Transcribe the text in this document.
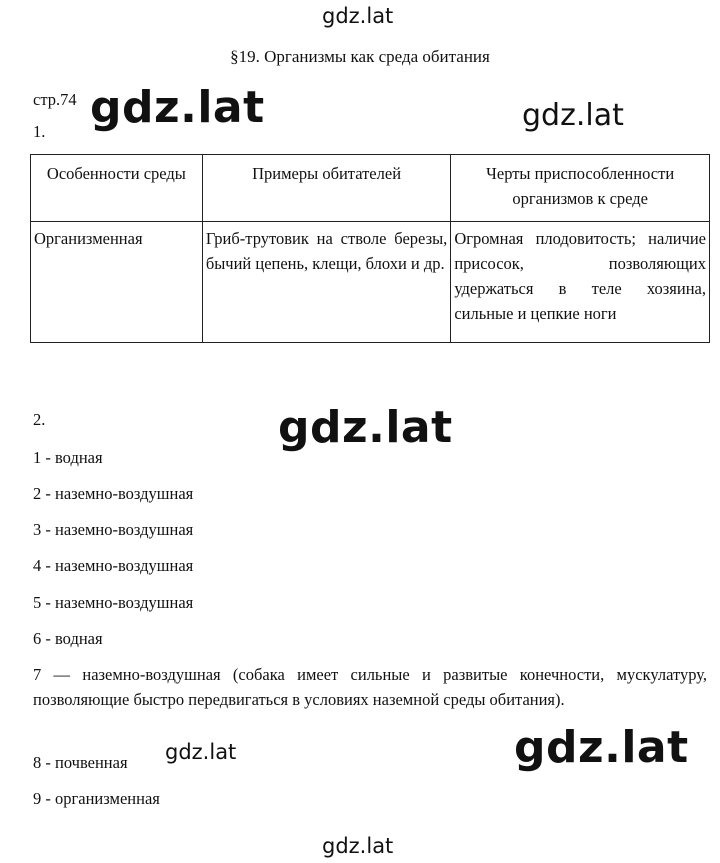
gdz.lat
§19. Организмы как среда обитания
стр.74 gdz.lat	gdz.lat
1.
Особенности среды	Примеры обитателей	Черты приспособленности организмов к среде
Организменная	Гриб-трутовик на стволе березы, бычий цепень, клещи, блохи и др.	Огромная плодовитость; наличие присосок, позволяющих удержаться в теле хозяина, сильные и цепкие ноги
2.	gdz.lat
1 - водная
2 - наземно-воздушная
3 - наземно-воздушная
4 - наземно-воздушная
5 - наземно-воздушная
6 - водная
7 — наземно-воздушная (собака имеет сильные и развитые конечности, мускулатуру, позволяющие быстро передвигаться в условиях наземной среды обитания).
8 - почвенная gdz.lat	gdz.lat
9 - организменная
gdz.lat
